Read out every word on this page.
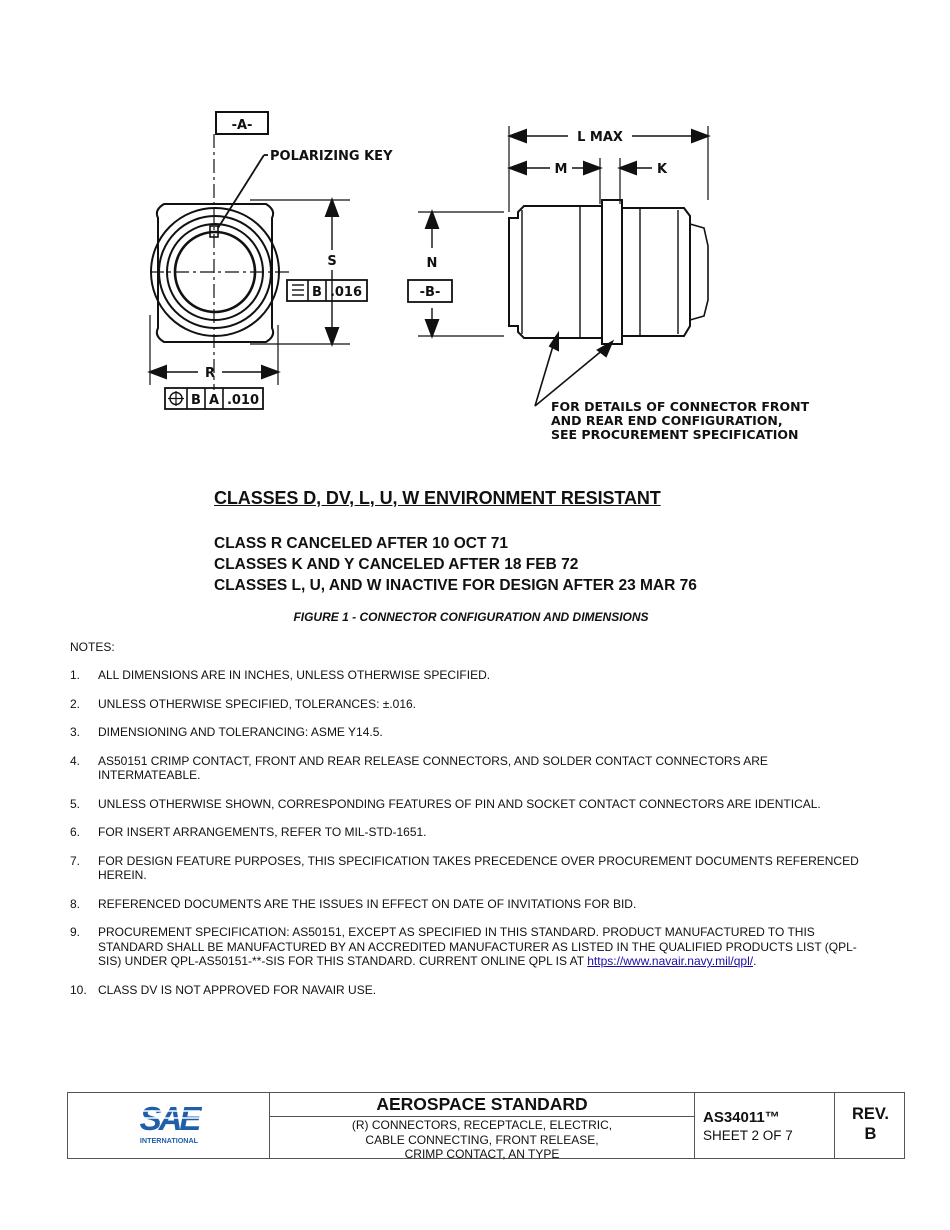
-A-
POLARIZING KEY
S
B .016
R
B A .010
L MAX
M	K
N
-B-
FOR DETAILS OF CONNECTOR FRONT
AND REAR END CONFIGURATION,
SEE PROCUREMENT SPECIFICATION
CLASSES D, DV, L, U, W ENVIRONMENT RESISTANT

CLASS R CANCELED AFTER 10 OCT 71

CLASSES K AND Y CANCELED AFTER 18 FEB 72

CLASSES L, U, AND W INACTIVE FOR DESIGN AFTER 23 MAR 76

FIGURE 1 - CONNECTOR CONFIGURATION AND DIMENSIONS
NOTES:
1. ALL DIMENSIONS ARE IN INCHES, UNLESS OTHERWISE SPECIFIED.
2. UNLESS OTHERWISE SPECIFIED, TOLERANCES: ±.016.
3. DIMENSIONING AND TOLERANCING: ASME Y14.5.
4. AS50151 CRIMP CONTACT, FRONT AND REAR RELEASE CONNECTORS, AND SOLDER CONTACT CONNECTORS ARE INTERMATEABLE.
5. UNLESS OTHERWISE SHOWN, CORRESPONDING FEATURES OF PIN AND SOCKET CONTACT CONNECTORS ARE IDENTICAL.
6. FOR INSERT ARRANGEMENTS, REFER TO MIL-STD-1651.
7. FOR DESIGN FEATURE PURPOSES, THIS SPECIFICATION TAKES PRECEDENCE OVER PROCUREMENT DOCUMENTS REFERENCED HEREIN.
8. REFERENCED DOCUMENTS ARE THE ISSUES IN EFFECT ON DATE OF INVITATIONS FOR BID.
9. PROCUREMENT SPECIFICATION: AS50151, EXCEPT AS SPECIFIED IN THIS STANDARD. PRODUCT MANUFACTURED TO THIS STANDARD SHALL BE MANUFACTURED BY AN ACCREDITED MANUFACTURER AS LISTED IN THE QUALIFIED PRODUCTS LIST (QPL-SIS) UNDER QPL-AS50151-**-SIS FOR THIS STANDARD. CURRENT ONLINE QPL IS AT https://www.navair.navy.mil/qpl/.
10. CLASS DV IS NOT APPROVED FOR NAVAIR USE.
SAE
INTERNATIONAL
AEROSPACE STANDARD
(R) CONNECTORS, RECEPTACLE, ELECTRIC,
CABLE CONNECTING, FRONT RELEASE,
CRIMP CONTACT, AN TYPE
AS34011™
SHEET 2 OF 7
REV.
B
